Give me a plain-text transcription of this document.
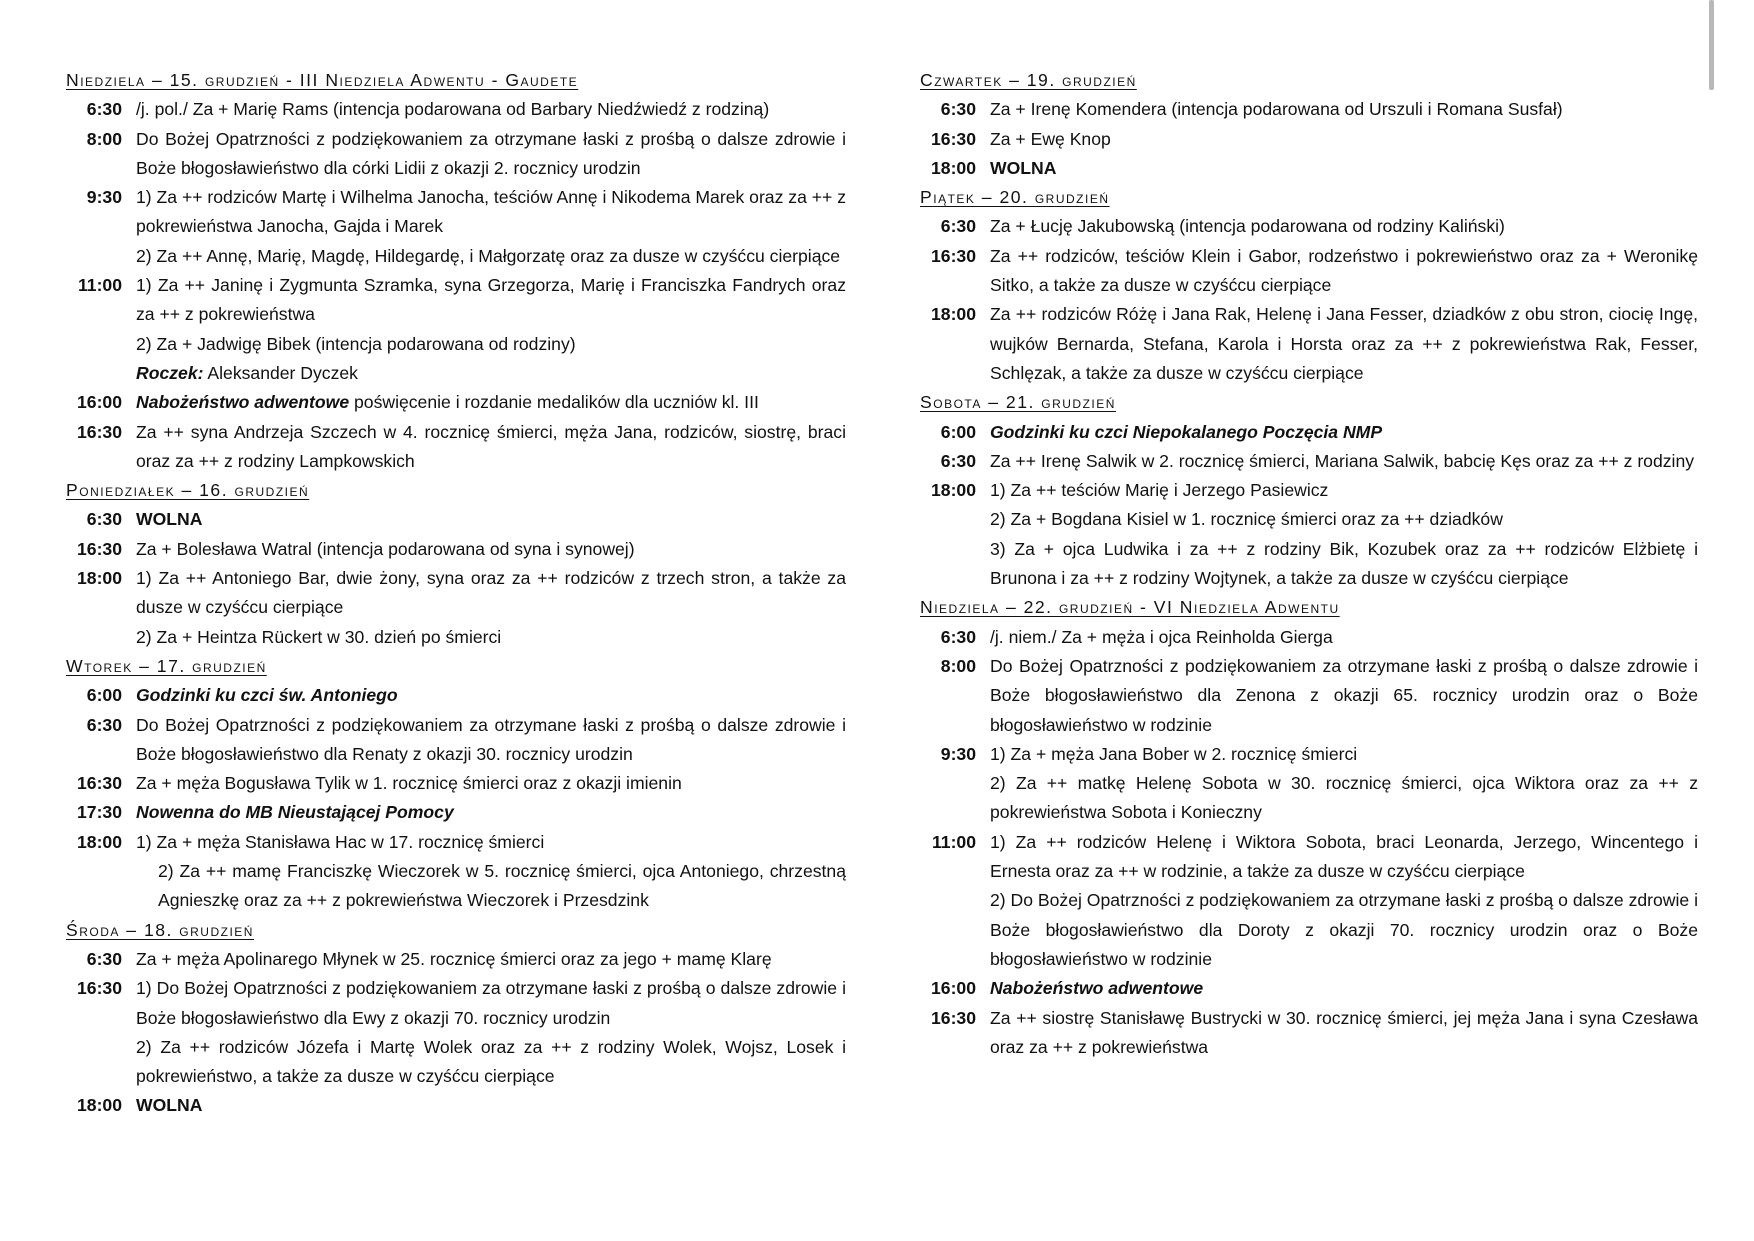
Niedziela – 15. grudzień - III Niedziela Adwentu - Gaudete
6:30 /j. pol./ Za + Marię Rams (intencja podarowana od Barbary Niedźwiedź z rodziną)
8:00 Do Bożej Opatrzności z podziękowaniem za otrzymane łaski z prośbą o dalsze zdrowie i Boże błogosławieństwo dla córki Lidii z okazji 2. rocznicy urodzin
9:30 1) Za ++ rodziców Martę i Wilhelma Janocha, teściów Annę i Nikodema Marek oraz za ++ z pokrewieństwa Janocha, Gajda i Marek
2) Za ++ Annę, Marię, Magdę, Hildegardę, i Małgorzatę oraz za dusze w czyśćcu cierpiące
11:00 1) Za ++ Janinę i Zygmunta Szramka, syna Grzegorza, Marię i Franciszka Fandrych oraz za ++ z pokrewieństwa
2) Za + Jadwigę Bibek (intencja podarowana od rodziny)
Roczek: Aleksander Dyczek
16:00 Nabożeństwo adwentowe poświęcenie i rozdanie medalików dla uczniów kl. III
16:30 Za ++ syna Andrzeja Szczech w 4. rocznicę śmierci, męża Jana, rodziców, siostrę, braci oraz za ++ z rodziny Lampkowskich
Poniedziałek – 16. grudzień
6:30 WOLNA
16:30 Za + Bolesława Watral (intencja podarowana od syna i synowej)
18:00 1) Za ++ Antoniego Bar, dwie żony, syna oraz za ++ rodziców z trzech stron, a także za dusze w czyśćcu cierpiące
2) Za + Heintza Rückert w 30. dzień po śmierci
Wtorek – 17. grudzień
6:00 Godzinki ku czci św. Antoniego
6:30 Do Bożej Opatrzności z podziękowaniem za otrzymane łaski z prośbą o dalsze zdrowie i Boże błogosławieństwo dla Renaty z okazji 30. rocznicy urodzin
16:30 Za + męża Bogusława Tylik w 1. rocznicę śmierci oraz z okazji imienin
17:30 Nowenna do MB Nieustającej Pomocy
18:00 1) Za + męża Stanisława Hac w 17. rocznicę śmierci
2) Za ++ mamę Franciszkę Wieczorek w 5. rocznicę śmierci, ojca Antoniego, chrzestną Agnieszkę oraz za ++ z pokrewieństwa Wieczorek i Przesdzink
Środa – 18. grudzień
6:30 Za + męża Apolinarego Młynek w 25. rocznicę śmierci oraz za jego + mamę Klarę
16:30 1) Do Bożej Opatrzności z podziękowaniem za otrzymane łaski z prośbą o dalsze zdrowie i Boże błogosławieństwo dla Ewy z okazji 70. rocznicy urodzin
2) Za ++ rodziców Józefa i Martę Wolek oraz za ++ z rodziny Wolek, Wojsz, Losek i pokrewieństwo, a także za dusze w czyśćcu cierpiące
18:00 WOLNA
Czwartek – 19. grudzień
6:30 Za + Irenę Komendera (intencja podarowana od Urszuli i Romana Susfał)
16:30 Za + Ewę Knop
18:00 WOLNA
Piątek – 20. grudzień
6:30 Za + Łucję Jakubowską (intencja podarowana od rodziny Kaliński)
16:30 Za ++ rodziców, teściów Klein i Gabor, rodzeństwo i pokrewieństwo oraz za + Weronikę Sitko, a także za dusze w czyśćcu cierpiące
18:00 Za ++ rodziców Różę i Jana Rak, Helenę i Jana Fesser, dziadków z obu stron, ciocię Ingę, wujków Bernarda, Stefana, Karola i Horsta oraz za ++ z pokrewieństwa Rak, Fesser, Schlęzak, a także za dusze w czyśćcu cierpiące
Sobota – 21. grudzień
6:00 Godzinki ku czci Niepokalanego Poczęcia NMP
6:30 Za ++ Irenę Salwik w 2. rocznicę śmierci, Mariana Salwik, babcię Kęs oraz za ++ z rodziny
18:00 1) Za ++ teściów Marię i Jerzego Pasiewicz
2) Za + Bogdana Kisiel w 1. rocznicę śmierci oraz za ++ dziadków
3) Za + ojca Ludwika i za ++ z rodziny Bik, Kozubek oraz za ++ rodziców Elżbietę i Brunona i za ++ z rodziny Wojtynek, a także za dusze w czyśćcu cierpiące
Niedziela – 22. grudzień - VI Niedziela Adwentu
6:30 /j. niem./ Za + męża i ojca Reinholda Gierga
8:00 Do Bożej Opatrzności z podziękowaniem za otrzymane łaski z prośbą o dalsze zdrowie i Boże błogosławieństwo dla Zenona z okazji 65. rocznicy urodzin oraz o Boże błogosławieństwo w rodzinie
9:30 1) Za + męża Jana Bober w 2. rocznicę śmierci
2) Za ++ matkę Helenę Sobota w 30. rocznicę śmierci, ojca Wiktora oraz za ++ z pokrewieństwa Sobota i Konieczny
11:00 1) Za ++ rodziców Helenę i Wiktora Sobota, braci Leonarda, Jerzego, Wincentego i Ernesta oraz za ++ w rodzinie, a także za dusze w czyśćcu cierpiące
2) Do Bożej Opatrzności z podziękowaniem za otrzymane łaski z prośbą o dalsze zdrowie i Boże błogosławieństwo dla Doroty z okazji 70. rocznicy urodzin oraz o Boże błogosławieństwo w rodzinie
16:00 Nabożeństwo adwentowe
16:30 Za ++ siostrę Stanisławę Bustrycki w 30. rocznicę śmierci, jej męża Jana i syna Czesława oraz za ++ z pokrewieństwa
